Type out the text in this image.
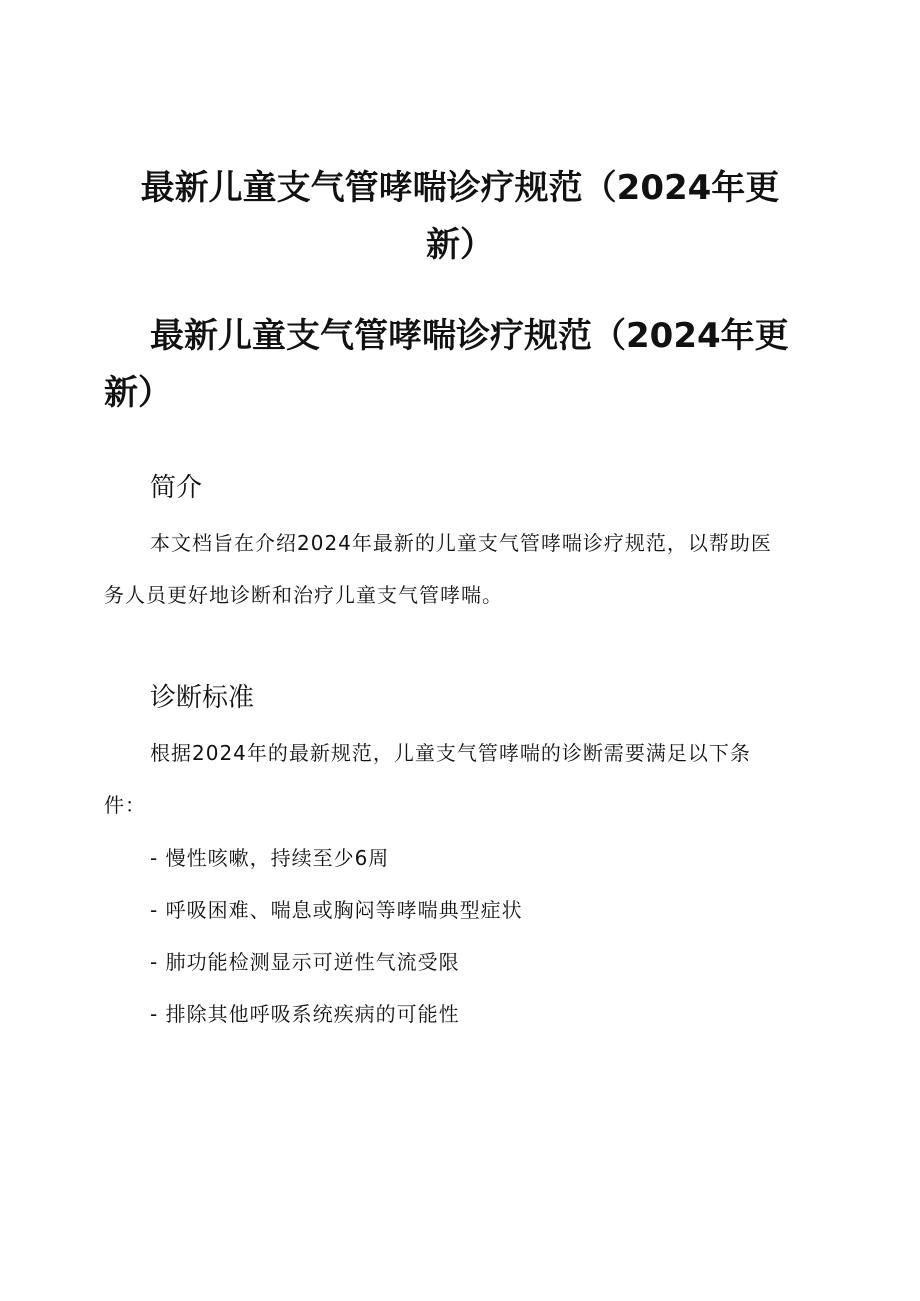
最新儿童支气管哮喘诊疗规范（2024年更新）
最新儿童支气管哮喘诊疗规范（2024年更新）
简介

本文档旨在介绍2024年最新的儿童支气管哮喘诊疗规范，以帮助医务人员更好地诊断和治疗儿童支气管哮喘。

诊断标准

根据2024年的最新规范，儿童支气管哮喘的诊断需要满足以下条件：

- 慢性咳嗽，持续至少6周
- 呼吸困难、喘息或胸闷等哮喘典型症状
- 肺功能检测显示可逆性气流受限
- 排除其他呼吸系统疾病的可能性
